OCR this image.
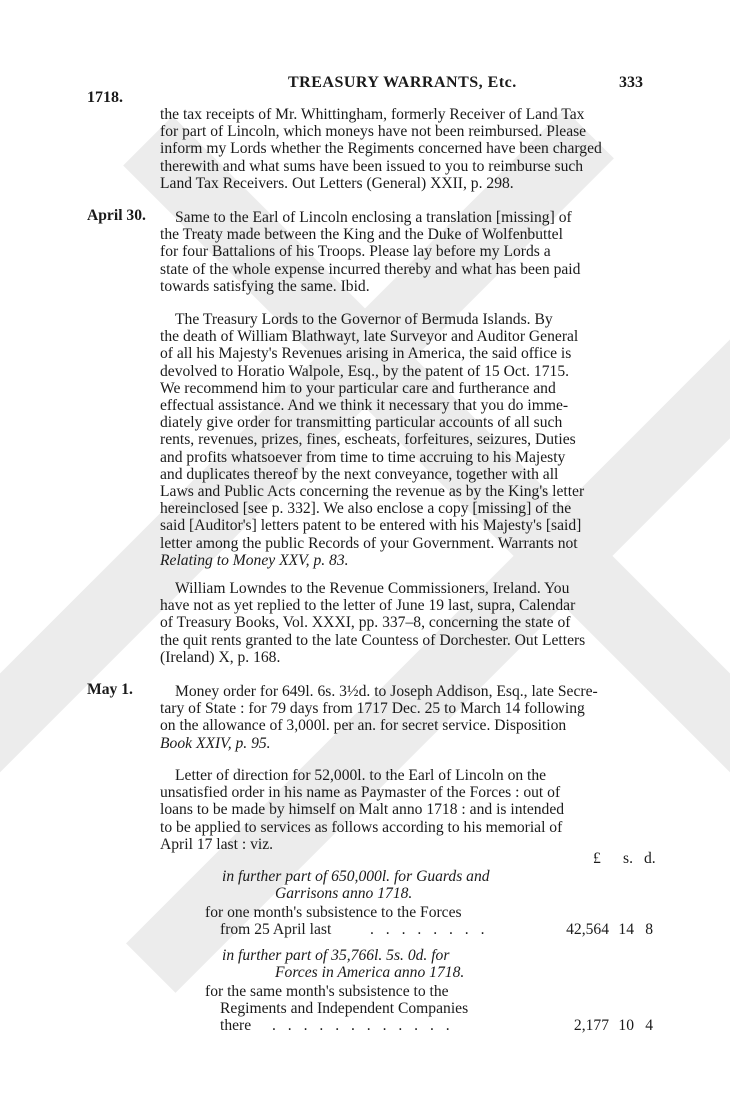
1718.
TREASURY WARRANTS, Etc.	333
the tax receipts of Mr. Whittingham, formerly Receiver of Land Tax
for part of Lincoln, which moneys have not been reimbursed. Please
inform my Lords whether the Regiments concerned have been charged
therewith and what sums have been issued to you to reimburse such
Land Tax Receivers. Out Letters (General) XXII, p. 298.
April 30.	Same to the Earl of Lincoln enclosing a translation [missing] of
the Treaty made between the King and the Duke of Wolfenbuttel
for four Battalions of his Troops. Please lay before my Lords a
state of the whole expense incurred thereby and what has been paid
towards satisfying the same. Ibid.
The Treasury Lords to the Governor of Bermuda Islands. By
the death of William Blathwayt, late Surveyor and Auditor General
of all his Majesty's Revenues arising in America, the said office is
devolved to Horatio Walpole, Esq., by the patent of 15 Oct. 1715.
We recommend him to your particular care and furtherance and
effectual assistance. And we think it necessary that you do imme-
diately give order for transmitting particular accounts of all such
rents, revenues, prizes, fines, escheats, forfeitures, seizures, Duties
and profits whatsoever from time to time accruing to his Majesty
and duplicates thereof by the next conveyance, together with all
Laws and Public Acts concerning the revenue as by the King's letter
hereinclosed [see p. 332]. We also enclose a copy [missing] of the
said [Auditor's] letters patent to be entered with his Majesty's [said]
letter among the public Records of your Government. Warrants not
Relating to Money XXV, p. 83.
William Lowndes to the Revenue Commissioners, Ireland. You
have not as yet replied to the letter of June 19 last, supra, Calendar
of Treasury Books, Vol. XXXI, pp. 337–8, concerning the state of
the quit rents granted to the late Countess of Dorchester. Out Letters
(Ireland) X, p. 168.
May 1.	Money order for 649l. 6s. 3½d. to Joseph Addison, Esq., late Secre-
tary of State : for 79 days from 1717 Dec. 25 to March 14 following
on the allowance of 3,000l. per an. for secret service. Disposition
Book XXIV, p. 95.
Letter of direction for 52,000l. to the Earl of Lincoln on the
unsatisfied order in his name as Paymaster of the Forces : out of
loans to be made by himself on Malt anno 1718 : and is intended
to be applied to services as follows according to his memorial of
April 17 last : viz.
£ s. d.
in further part of 650,000l. for Guards and
Garrisons anno 1718.
for one month's subsistence to the Forces
from 25 April last . . . . . . . .	42,564 14 8
in further part of 35,766l. 5s. 0d. for
Forces in America anno 1718.
for the same month's subsistence to the
Regiments and Independent Companies
there . . . . . . . . . . . .	2,177 10 4
